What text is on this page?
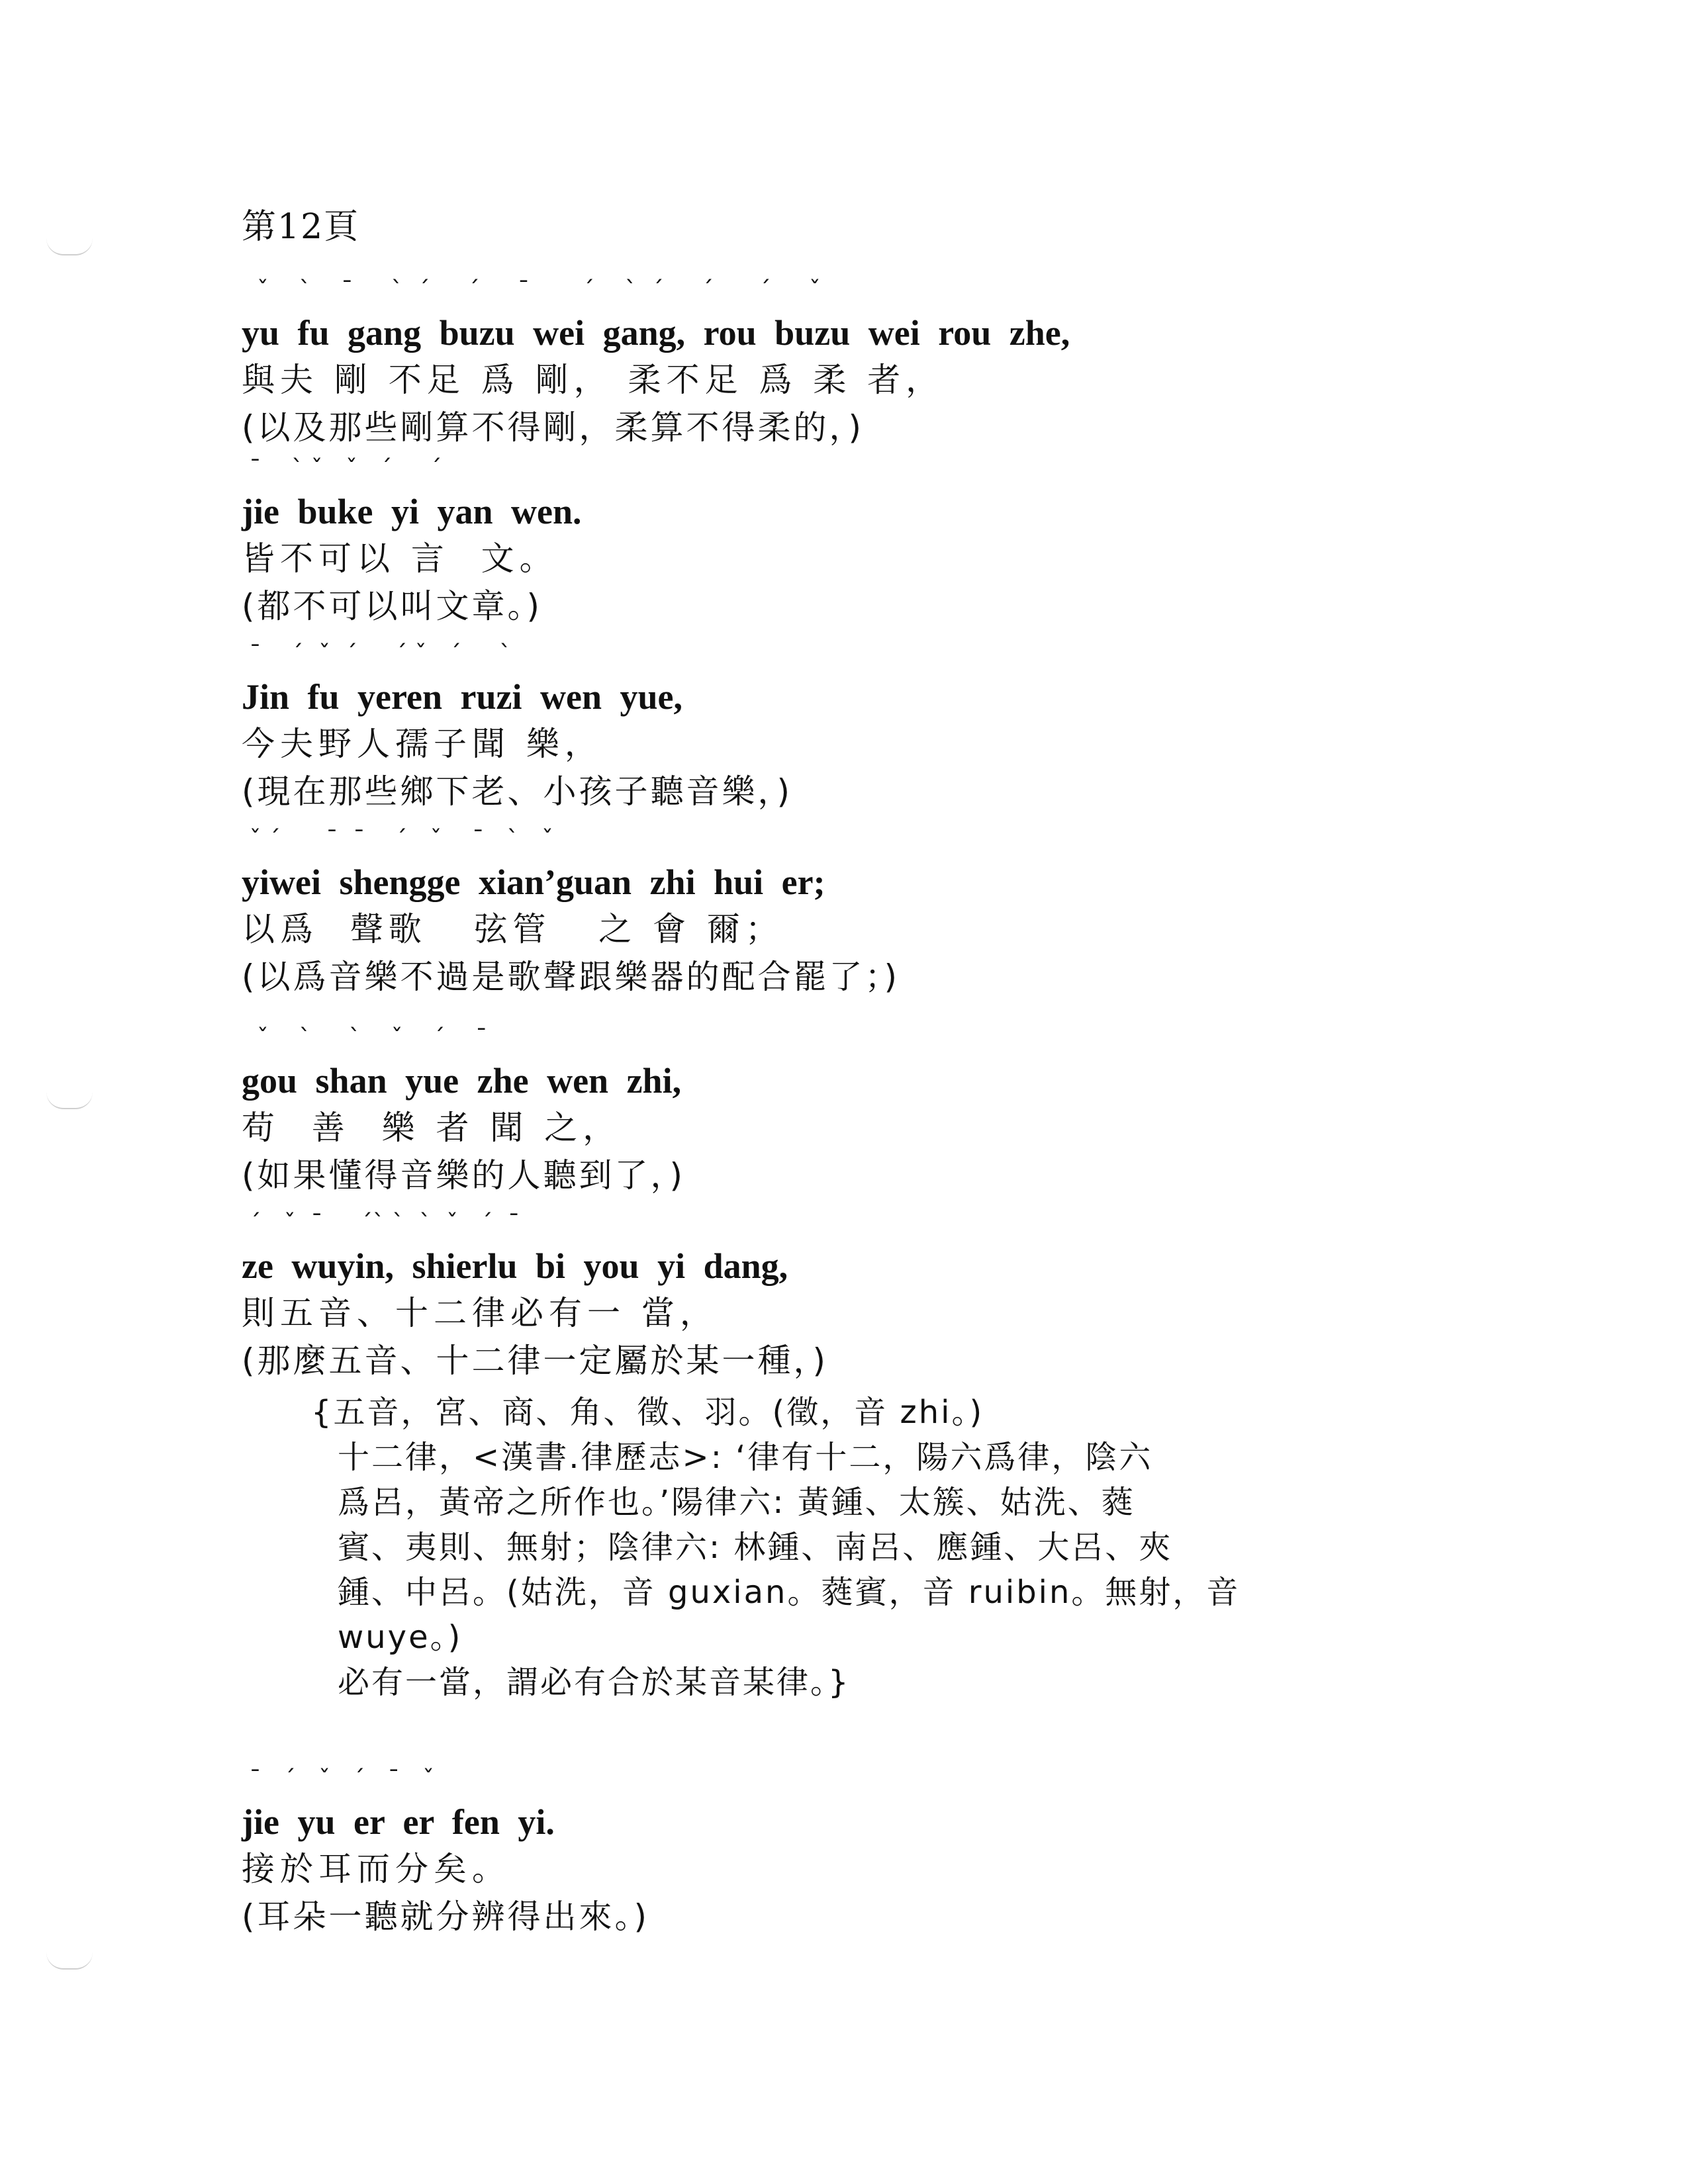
第12頁
ˇ    ˋ    ˉ     ˋ  ˊ     ˊ     ˉ       ˊ    ˋ  ˊ     ˊ      ˊ     ˇ
yu fu gang buzu wei gang, rou buzu wei rou zhe,
與夫 剛 不足 爲 剛， 柔不足 爲 柔 者，
(以及那些剛算不得剛，柔算不得柔的，)
ˉ    ˋ ˇ   ˇ   ˊ     ˊ
jie buke yi yan wen.
皆不可以 言  文。
(都不可以叫文章。)
ˉ    ˊ  ˇ  ˊ     ˊ ˇ   ˊ     ˋ
Jin fu yeren ruzi wen yue,
今夫野人孺子聞 樂，
(現在那些鄉下老、小孩子聽音樂，)
ˇ ˊ      ˉ  ˉ    ˊ   ˇ    ˉ   ˋ   ˇ
yiwei shengge xian’guan zhi hui er;
以爲  聲歌   弦管   之 會 爾；
(以爲音樂不過是歌聲跟樂器的配合罷了；)
ˇ    ˋ     ˋ    ˇ    ˊ    ˉ
gou shan yue zhe wen zhi,
苟  善  樂 者 聞 之，
(如果懂得音樂的人聽到了，)
ˊ   ˇ  ˉ     ˊˋ ˋ  ˋ  ˇ   ˊ  ˉ
ze wuyin, shierlu bi you yi dang,
則五音、十二律必有一 當，
(那麼五音、十二律一定屬於某一種，)
{五音，宮、商、角、徵、羽。(徵，音 zhi。)
十二律，<漢書.律歷志>: ‘律有十二，陽六爲律，陰六
爲呂，黃帝之所作也。’陽律六: 黃鍾、太簇、姑洗、蕤
賓、夷則、無射；陰律六: 林鍾、南呂、應鍾、大呂、夾
鍾、中呂。(姑洗，音 guxian。蕤賓，音 ruibin。無射，音
wuye。)
必有一當，謂必有合於某音某律。}
ˉ   ˊ   ˇ   ˊ   ˉ   ˇ
jie yu er er fen yi.
接於耳而分矣。
(耳朵一聽就分辨得出來。)
